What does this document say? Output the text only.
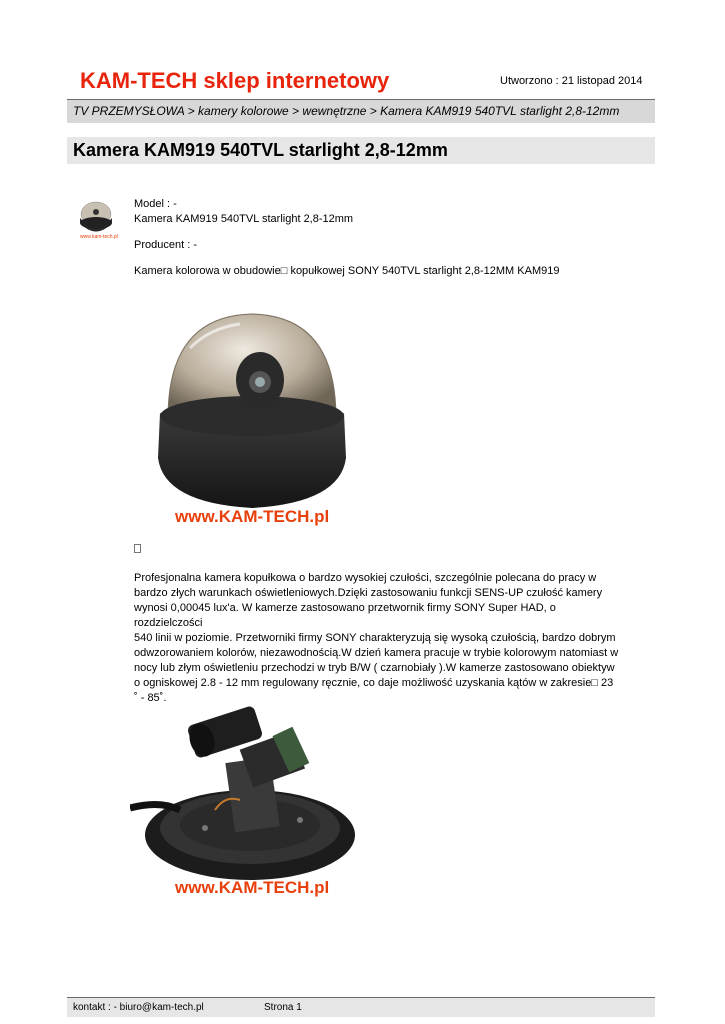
KAM-TECH sklep internetowy	Utworzono : 21 listopad 2014
TV PRZEMYSŁOWA > kamery kolorowe > wewnętrzne > Kamera KAM919 540TVL starlight 2,8-12mm
Kamera KAM919 540TVL starlight 2,8-12mm
www.kam-tech.pl
Model : -
Kamera KAM919 540TVL starlight 2,8-12mm
Producent : -
Kamera kolorowa w obudowie□ kopułkowej SONY 540TVL starlight 2,8-12MM KAM919
www.KAM-TECH.pl
Profesjonalna kamera kopułkowa o bardzo wysokiej czułości, szczególnie polecana do pracy w
bardzo złych warunkach oświetleniowych.Dzięki zastosowaniu funkcji SENS-UP czułość kamery
wynosi 0,00045 lux'a. W kamerze zastosowano przetwornik firmy SONY Super HAD, o rozdzielczości
540 linii w poziomie. Przetworniki firmy SONY charakteryzują się wysoką czułością, bardzo dobrym
odwzorowaniem kolorów, niezawodnością.W dzień kamera pracuje w trybie kolorowym natomiast w
nocy lub złym oświetleniu przechodzi w tryb B/W ( czarnobiały ).W kamerze zastosowano obiektyw
o ogniskowej 2.8 - 12 mm regulowany ręcznie, co daje możliwość uzyskania kątów w zakresie□ 23
˚ - 85˚.
www.KAM-TECH.pl
kontakt : - biuro@kam-tech.pl	Strona 1
